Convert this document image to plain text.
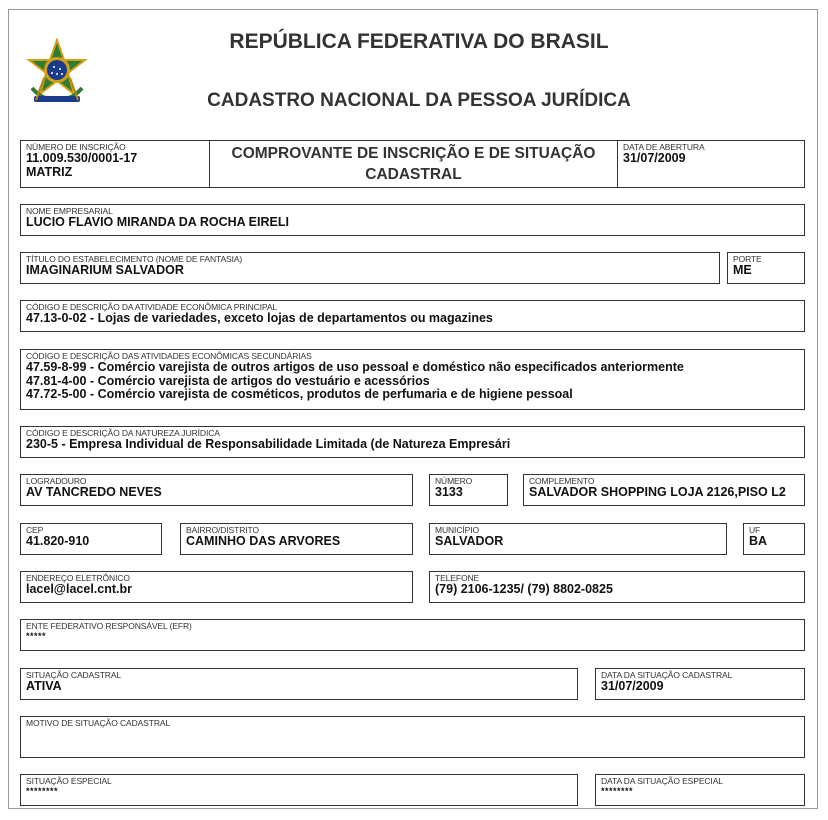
REPÚBLICA FEDERATIVA DO BRASIL
CADASTRO NACIONAL DA PESSOA JURÍDICA
NÚMERO DE INSCRIÇÃO
11.009.530/0001-17
MATRIZ
COMPROVANTE DE INSCRIÇÃO E DE SITUAÇÃO
CADASTRAL
DATA DE ABERTURA
31/07/2009
NOME EMPRESARIAL
LUCIO FLAVIO MIRANDA DA ROCHA EIRELI
TÍTULO DO ESTABELECIMENTO (NOME DE FANTASIA)
IMAGINARIUM SALVADOR
PORTE
ME
CÓDIGO E DESCRIÇÃO DA ATIVIDADE ECONÔMICA PRINCIPAL
47.13-0-02 - Lojas de variedades, exceto lojas de departamentos ou magazines
CÓDIGO E DESCRIÇÃO DAS ATIVIDADES ECONÔMICAS SECUNDÁRIAS
47.59-8-99 - Comércio varejista de outros artigos de uso pessoal e doméstico não especificados anteriormente
47.81-4-00 - Comércio varejista de artigos do vestuário e acessórios
47.72-5-00 - Comércio varejista de cosméticos, produtos de perfumaria e de higiene pessoal
CÓDIGO E DESCRIÇÃO DA NATUREZA JURÍDICA
230-5 - Empresa Individual de Responsabilidade Limitada (de Natureza Empresári
LOGRADOURO
AV TANCREDO NEVES
NÚMERO
3133
COMPLEMENTO
SALVADOR SHOPPING LOJA 2126,PISO L2
CEP
41.820-910
BAIRRO/DISTRITO
CAMINHO DAS ARVORES
MUNICÍPIO
SALVADOR
UF
BA
ENDEREÇO ELETRÔNICO
lacel@lacel.cnt.br
TELEFONE
(79) 2106-1235/ (79) 8802-0825
ENTE FEDERATIVO RESPONSÁVEL (EFR)
*****
SITUAÇÃO CADASTRAL
ATIVA
DATA DA SITUAÇÃO CADASTRAL
31/07/2009
MOTIVO DE SITUAÇÃO CADASTRAL
SITUAÇÃO ESPECIAL
********
DATA DA SITUAÇÃO ESPECIAL
********
